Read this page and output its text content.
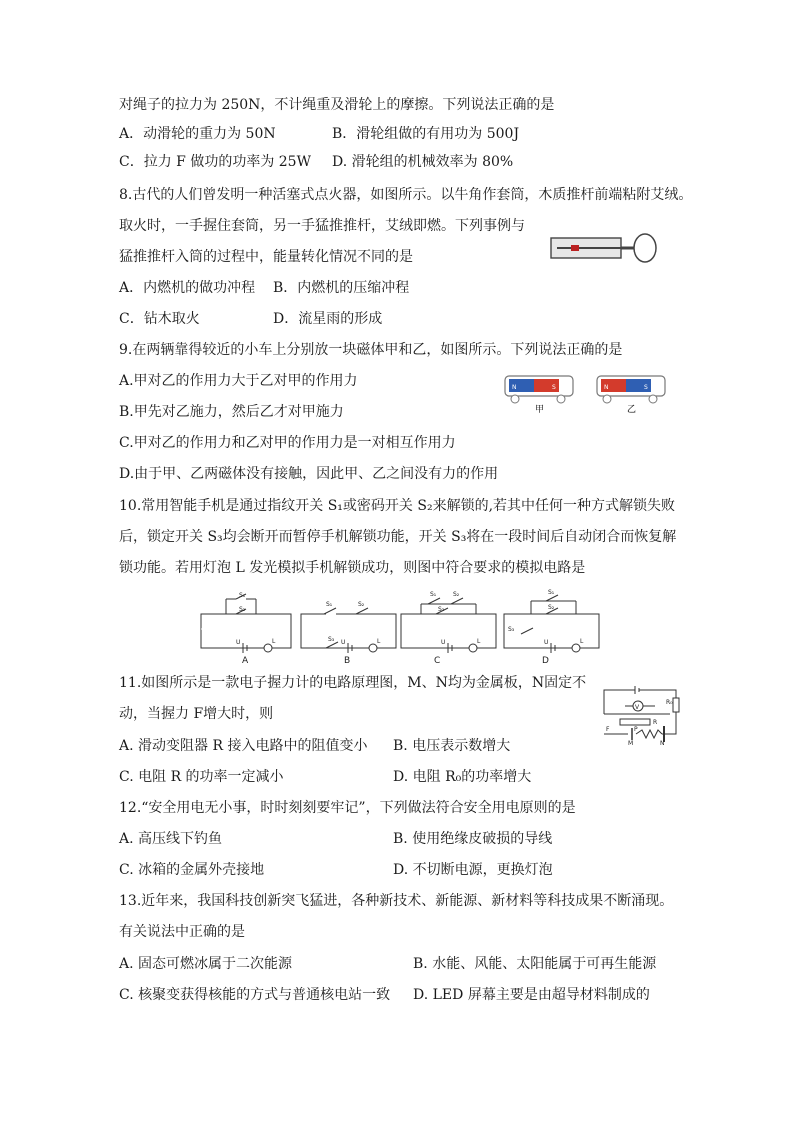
对绳子的拉力为 250N，不计绳重及滑轮上的摩擦。下列说法正确的是
A．动滑轮的重力为 50N	B．滑轮组做的有用功为 500J
C．拉力 F 做功的功率为 25W D. 滑轮组的机械效率为 80%
8.古代的人们曾发明一种活塞式点火器，如图所示。以牛角作套筒，木质推杆前端粘附艾绒。
取火时，一手握住套筒，另一手猛推推杆，艾绒即燃。下列事例与
猛推推杆入筒的过程中，能量转化情况不同的是
A．内燃机的做功冲程 B．内燃机的压缩冲程
C．钻木取火	D．流星雨的形成
9.在两辆靠得较近的小车上分别放一块磁体甲和乙，如图所示。下列说法正确的是
A.甲对乙的作用力大于乙对甲的作用力
B.甲先对乙施力，然后乙才对甲施力
C.甲对乙的作用力和乙对甲的作用力是一对相互作用力
D.由于甲、乙两磁体没有接触，因此甲、乙之间没有力的作用
N	S
甲
N	S
乙
10.常用智能手机是通过指纹开关 S₁或密码开关 S₂来解锁的,若其中任何一种方式解锁失败
后，锁定开关 S₃均会断开而暂停手机解锁功能，开关 S₃将在一段时间后自动闭合而恢复解
锁功能。若用灯泡 L 发光模拟手机解锁成功，则图中符合要求的模拟电路是
S₁
S₂
U	L
S₁	S₂
S₃ U	L
S₁	S₂
S₃
U	L
S₁
S₂
S₃
U	L
A	B	C	D
11.如图所示是一款电子握力计的电路原理图，M、N均为金属板，N固定不
动，当握力 F增大时，则	V
R₀
R
P
F
M	N
A. 滑动变阻器 R 接入电路中的阻值变小 B. 电压表示数增大
C. 电阻 R 的功率一定减小	D. 电阻 R₀的功率增大
12.“安全用电无小事，时时刻刻要牢记”，下列做法符合安全用电原则的是
A. 高压线下钓鱼	B. 使用绝缘皮破损的导线
C. 冰箱的金属外壳接地	D. 不切断电源，更换灯泡
13.近年来，我国科技创新突飞猛进，各种新技术、新能源、新材料等科技成果不断涌现。
有关说法中正确的是
A. 固态可燃冰属于二次能源	B. 水能、风能、太阳能属于可再生能源
C. 核聚变获得核能的方式与普通核电站一致 D. LED 屏幕主要是由超导材料制成的
